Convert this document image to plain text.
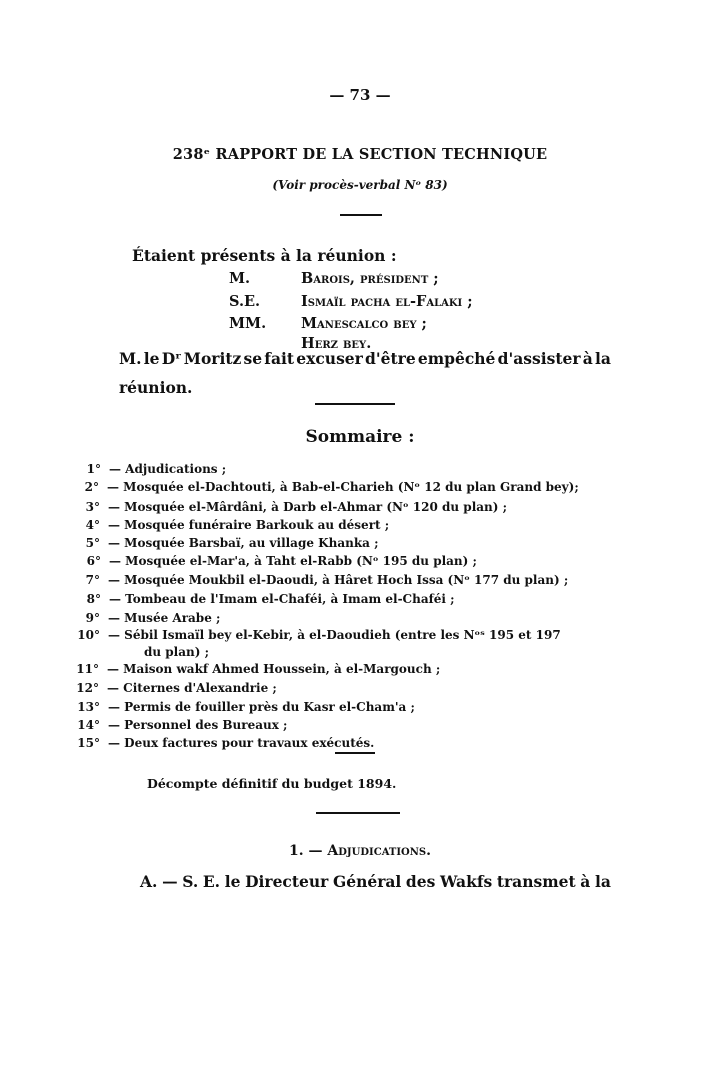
— 73 —
238ᵉ RAPPORT DE LA SECTION TECHNIQUE
(Voir procès-verbal Nᵒ 83)
Étaient présents à la réunion :
M.	Barois, président ;
S.E.	Ismaïl pacha el-Falaki ;
MM. Manescalco bey ;
Herz bey.
M. le Dʳ Moritz se fait excuser d'être empêché d'assister à la
réunion.
Sommaire :
1° — Adjudications ;
2° — Mosquée el-Dachtouti, à Bab-el-Charieh (Nᵒ 12 du plan Grand bey);
3° — Mosquée el-Mârdâni, à Darb el-Ahmar (Nᵒ 120 du plan) ;
4° — Mosquée funéraire Barkouk au désert ;
5° — Mosquée Barsbaï, au village Khanka ;
6° — Mosquée el-Mar'a, à Taht el-Rabb (Nᵒ 195 du plan) ;
7° — Mosquée Moukbil el-Daoudi, à Hâret Hoch Issa (Nᵒ 177 du plan) ;
8° — Tombeau de l'Imam el-Chaféi, à Imam el-Chaféi ;
9° — Musée Arabe ;
10° — Sébil Ismaïl bey el-Kebir, à el-Daoudieh (entre les Nᵒˢ 195 et 197
du plan) ;
11° — Maison wakf Ahmed Houssein, à el-Margouch ;
12° — Citernes d'Alexandrie ;
13° — Permis de fouiller près du Kasr el-Cham'a ;
14° — Personnel des Bureaux ;
15° — Deux factures pour travaux exécutés.
Décompte définitif du budget 1894.
1. — Adjudications.
A. — S. E. le Directeur Général des Wakfs transmet à la
